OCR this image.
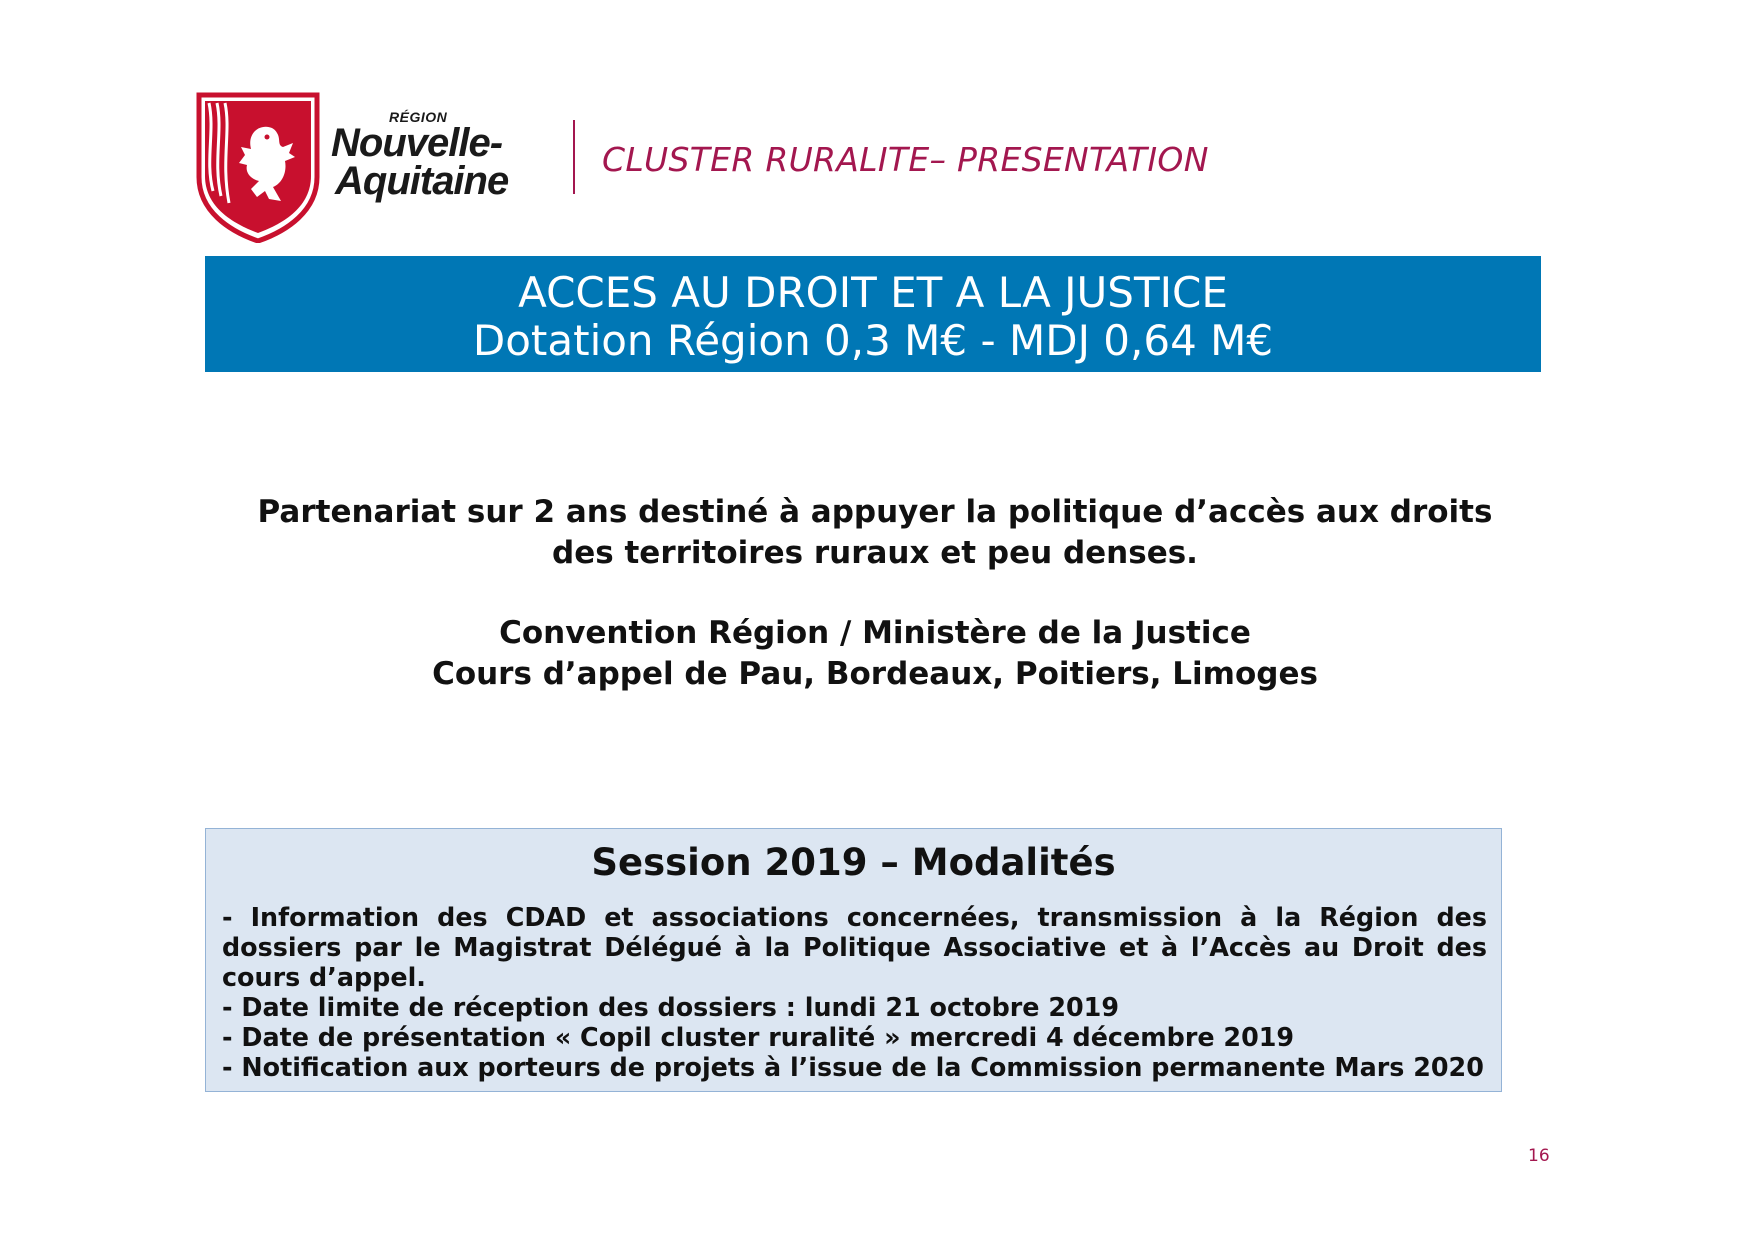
RÉGION
Nouvelle-
Aquitaine	CLUSTER RURALITE– PRESENTATION
ACCES AU DROIT ET A LA JUSTICE
Dotation Région 0,3 M€ - MDJ 0,64 M€
Partenariat sur 2 ans destiné à appuyer la politique d’accès aux droits
des territoires ruraux et peu denses.
Convention Région / Ministère de la Justice
Cours d’appel de Pau, Bordeaux, Poitiers, Limoges
Session 2019 – Modalités
- Information des CDAD et associations concernées, transmission à la Région des
dossiers par le Magistrat Délégué à la Politique Associative et à l’Accès au Droit des
cours d’appel.
- Date limite de réception des dossiers : lundi 21 octobre 2019
- Date de présentation « Copil cluster ruralité » mercredi 4 décembre 2019
- Notification aux porteurs de projets à l’issue de la Commission permanente Mars 2020
16
